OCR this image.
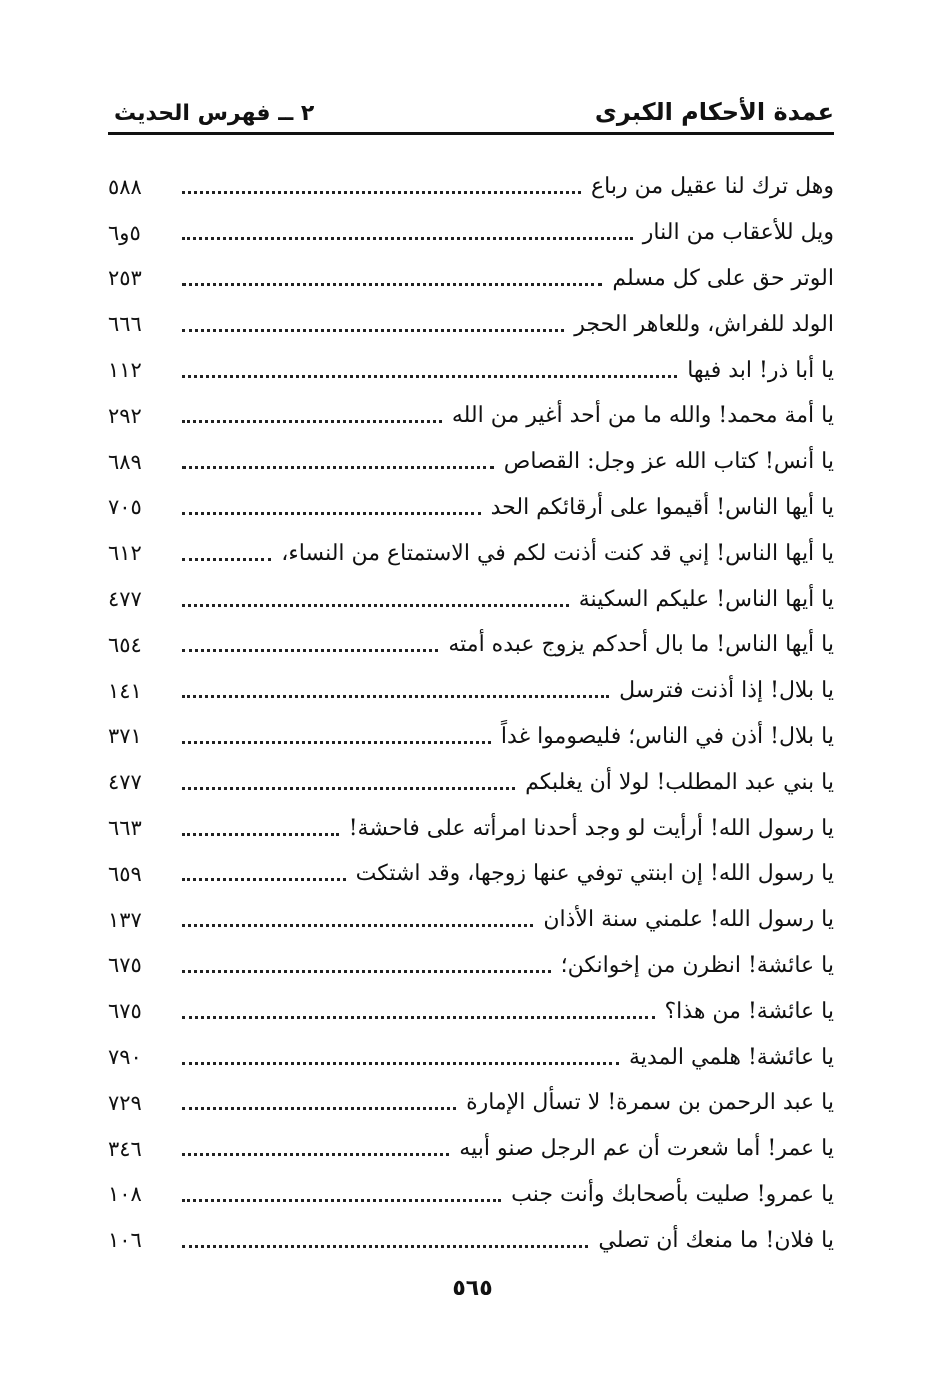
عمدة الأحكام الكبرى
٢ ــ فهرس الحديث
وهل ترك لنا عقيل من رباع
٥٨٨
ويل للأعقاب من النار
٥و٦
الوتر حق على كل مسلم
٢٥٣
الولد للفراش، وللعاهر الحجر
٦٦٦
يا أبا ذر! ابد فيها
١١٢
يا أمة محمد! والله ما من أحد أغير من الله
٢٩٢
يا أنس! كتاب الله عز وجل: القصاص
٦٨٩
يا أيها الناس! أقيموا على أرقائكم الحد
٧٠٥
يا أيها الناس! إني قد كنت أذنت لكم في الاستمتاع من النساء،
٦١٢
يا أيها الناس! عليكم السكينة
٤٧٧
يا أيها الناس! ما بال أحدكم يزوج عبده أمته
٦٥٤
يا بلال! إذا أذنت فترسل
١٤١
يا بلال! أذن في الناس؛ فليصوموا غداً
٣٧١
يا بني عبد المطلب! لولا أن يغلبكم
٤٧٧
يا رسول الله! أرأيت لو وجد أحدنا امرأته على فاحشة!
٦٦٣
يا رسول الله! إن ابنتي توفي عنها زوجها، وقد اشتكت
٦٥٩
يا رسول الله! علمني سنة الأذان
١٣٧
يا عائشة! انظرن من إخوانكن؛
٦٧٥
يا عائشة! من هذا؟
٦٧٥
يا عائشة! هلمي المدية
٧٩٠
يا عبد الرحمن بن سمرة! لا تسأل الإمارة
٧٢٩
يا عمر! أما شعرت أن عم الرجل صنو أبيه
٣٤٦
يا عمرو! صليت بأصحابك وأنت جنب
١٠٨
يا فلان! ما منعك أن تصلي
١٠٦
٥٦٥
